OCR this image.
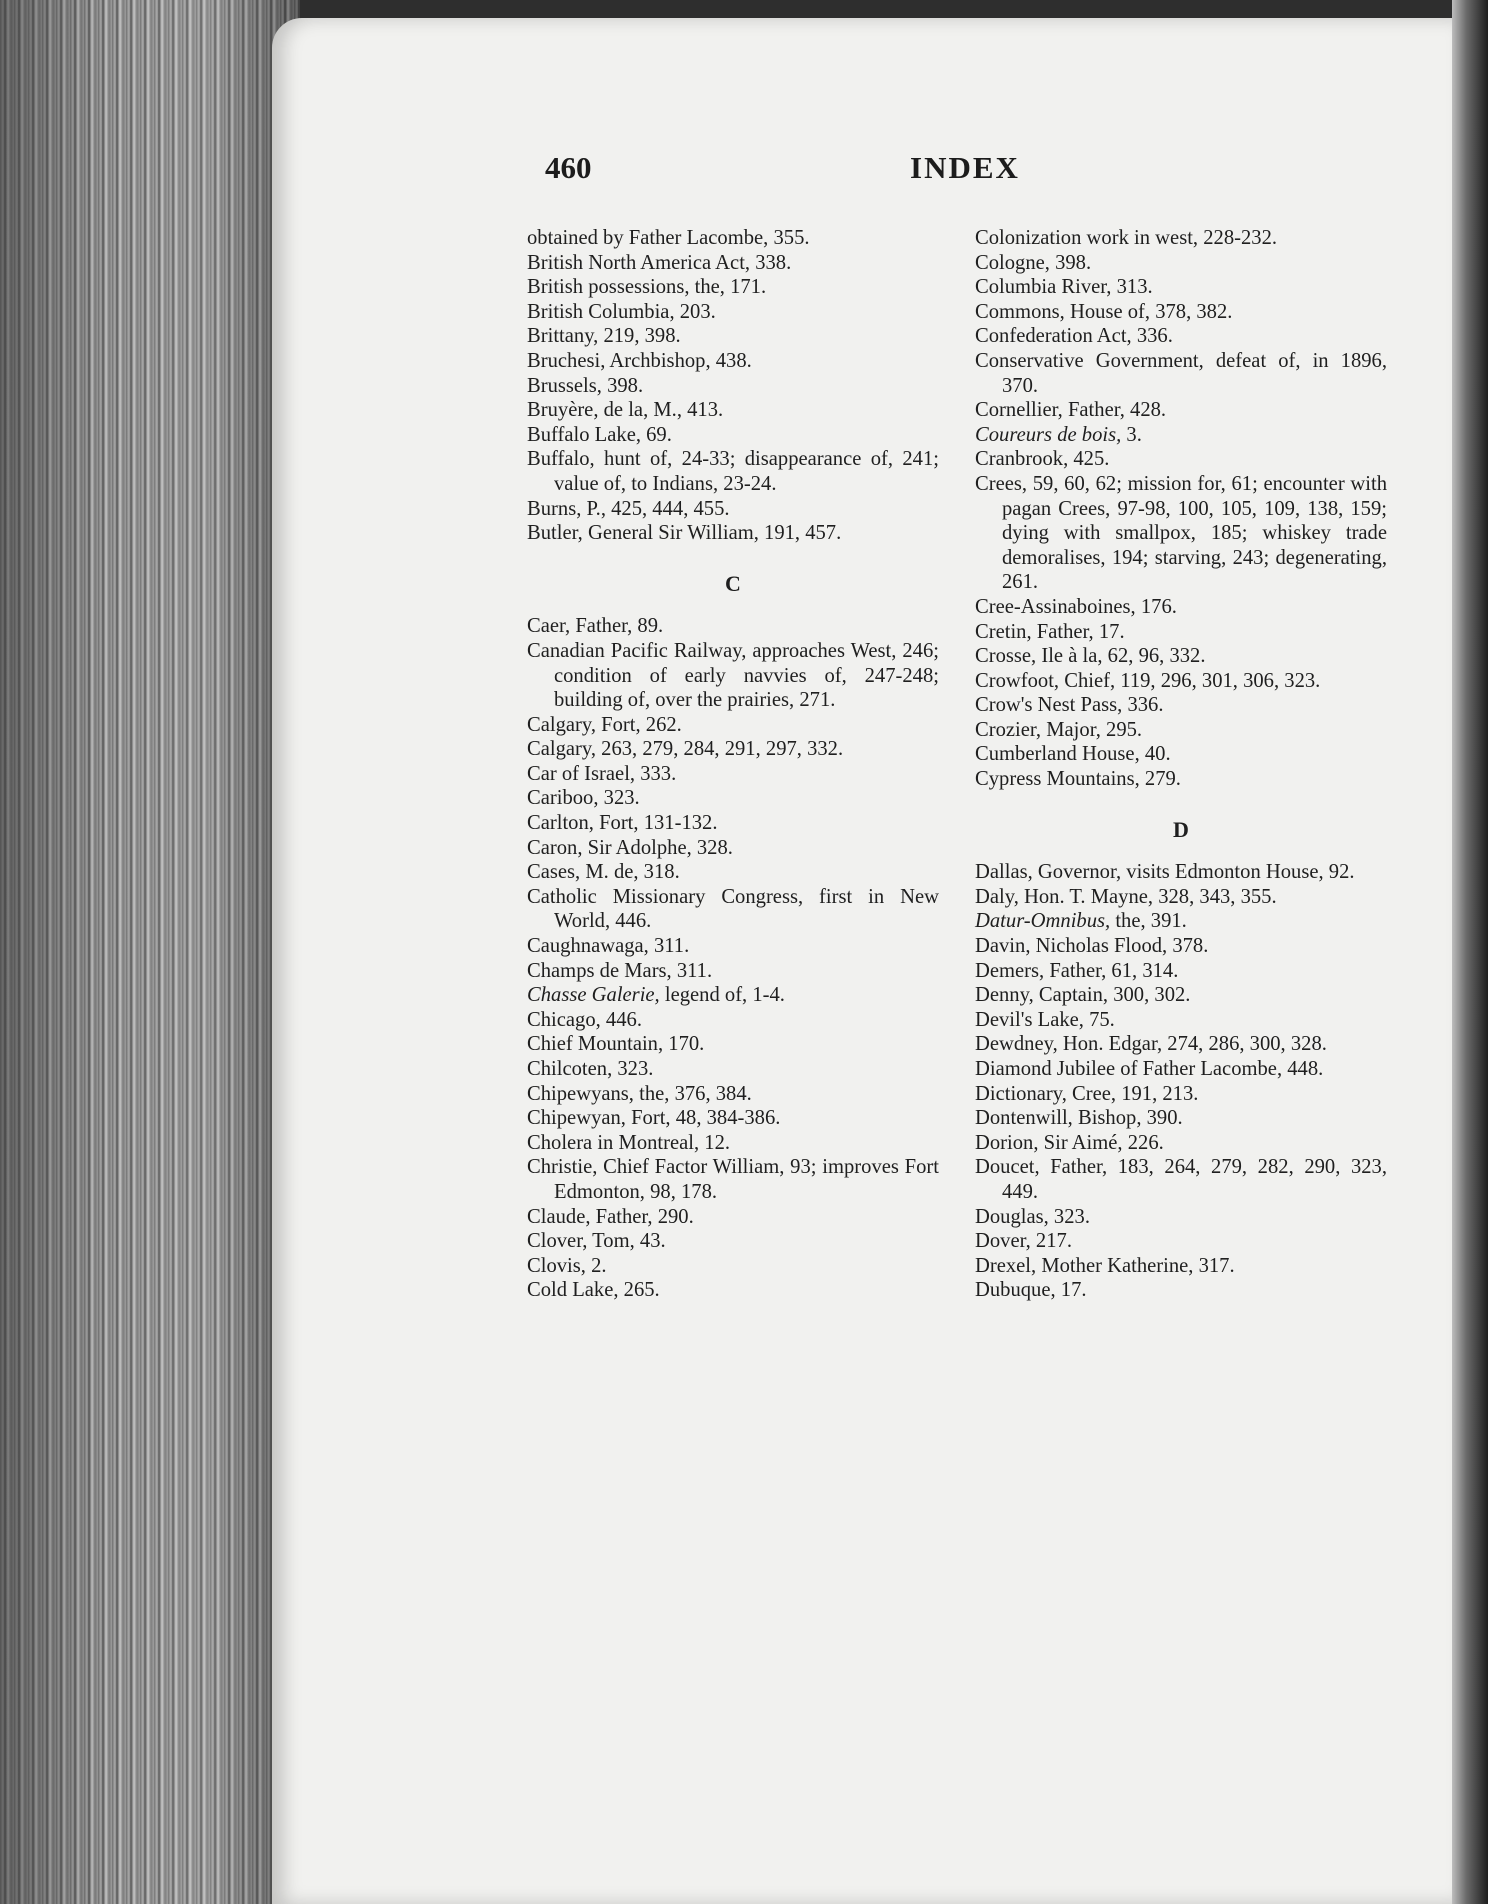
460	INDEX

obtained by Father Lacombe, 355.

British North America Act, 338.

British possessions, the, 171.

British Columbia, 203.

Brittany, 219, 398.

Bruchesi, Archbishop, 438.

Brussels, 398.

Bruyère, de la, M., 413.

Buffalo Lake, 69.

Buffalo, hunt of, 24-33; disappearance of, 241; value of, to Indians, 23-24.

Burns, P., 425, 444, 455.

Butler, General Sir William, 191, 457.

C

Caer, Father, 89.

Canadian Pacific Railway, approaches West, 246; condition of early navvies of, 247-248; building of, over the prairies, 271.

Calgary, Fort, 262.

Calgary, 263, 279, 284, 291, 297, 332.

Car of Israel, 333.

Cariboo, 323.

Carlton, Fort, 131-132.

Caron, Sir Adolphe, 328.

Cases, M. de, 318.

Catholic Missionary Congress, first in New World, 446.

Caughnawaga, 311.

Champs de Mars, 311.

Chasse Galerie, legend of, 1-4.

Chicago, 446.

Chief Mountain, 170.

Chilcoten, 323.

Chipewyans, the, 376, 384.

Chipewyan, Fort, 48, 384-386.

Cholera in Montreal, 12.

Christie, Chief Factor William, 93; improves Fort Edmonton, 98, 178.

Claude, Father, 290.

Clover, Tom, 43.

Clovis, 2.

Cold Lake, 265.

Colonization work in west, 228-232.

Cologne, 398.

Columbia River, 313.

Commons, House of, 378, 382.

Confederation Act, 336.

Conservative Government, defeat of, in 1896, 370.

Cornellier, Father, 428.

Coureurs de bois, 3.

Cranbrook, 425.

Crees, 59, 60, 62; mission for, 61; encounter with pagan Crees, 97-98, 100, 105, 109, 138, 159; dying with smallpox, 185; whiskey trade demoralises, 194; starving, 243; degenerating, 261.

Cree-Assinaboines, 176.

Cretin, Father, 17.

Crosse, Ile à la, 62, 96, 332.

Crowfoot, Chief, 119, 296, 301, 306, 323.

Crow's Nest Pass, 336.

Crozier, Major, 295.

Cumberland House, 40.

Cypress Mountains, 279.

D

Dallas, Governor, visits Edmonton House, 92.

Daly, Hon. T. Mayne, 328, 343, 355.

Datur-Omnibus, the, 391.

Davin, Nicholas Flood, 378.

Demers, Father, 61, 314.

Denny, Captain, 300, 302.

Devil's Lake, 75.

Dewdney, Hon. Edgar, 274, 286, 300, 328.

Diamond Jubilee of Father Lacombe, 448.

Dictionary, Cree, 191, 213.

Dontenwill, Bishop, 390.

Dorion, Sir Aimé, 226.

Doucet, Father, 183, 264, 279, 282, 290, 323, 449.

Douglas, 323.

Dover, 217.

Drexel, Mother Katherine, 317.

Dubuque, 17.
